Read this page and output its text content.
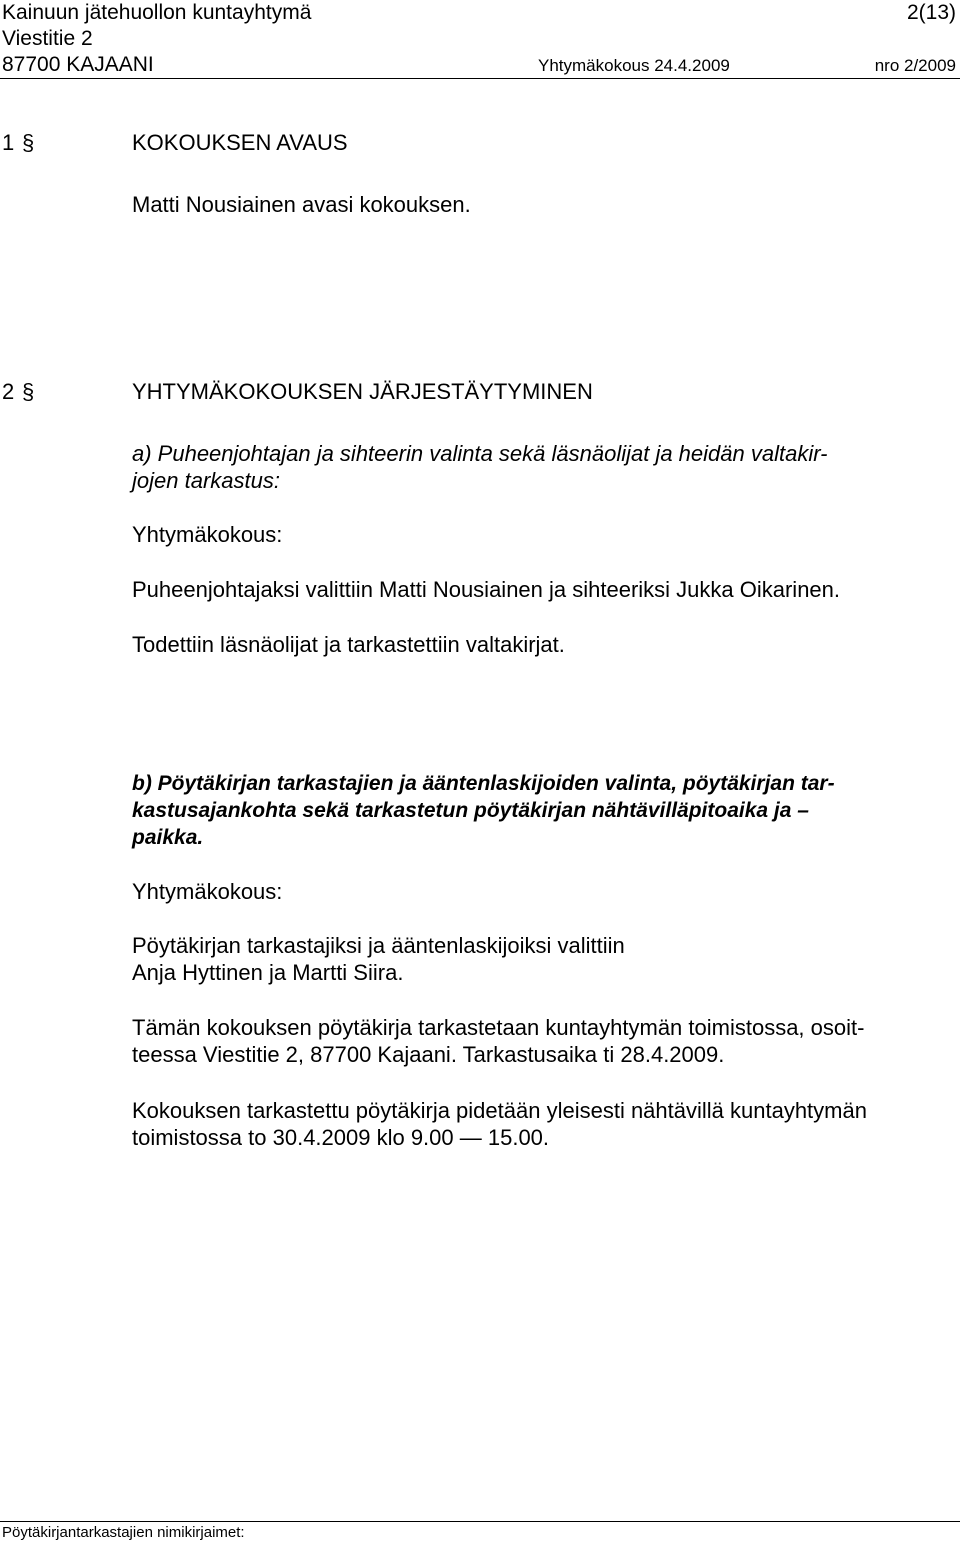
Kainuun jätehuollon kuntayhtymä	2(13)
Viestitie 2
87700 KAJAANI	Yhtymäkokous 24.4.2009	nro 2/2009
1 §	KOKOUKSEN AVAUS
Matti Nousiainen avasi kokouksen.
2 §	YHTYMÄKOKOUKSEN JÄRJESTÄYTYMINEN
a) Puheenjohtajan ja sihteerin valinta sekä läsnäolijat ja heidän valtakir-
jojen tarkastus:
Yhtymäkokous:
Puheenjohtajaksi valittiin Matti Nousiainen ja sihteeriksi Jukka Oikarinen.
Todettiin läsnäolijat ja tarkastettiin valtakirjat.
b) Pöytäkirjan tarkastajien ja ääntenlaskijoiden valinta, pöytäkirjan tar-
kastusajankohta sekä tarkastetun pöytäkirjan nähtävilläpitoaika ja –
paikka.
Yhtymäkokous:
Pöytäkirjan tarkastajiksi ja ääntenlaskijoiksi valittiin
Anja Hyttinen ja Martti Siira.
Tämän kokouksen pöytäkirja tarkastetaan kuntayhtymän toimistossa, osoit-
teessa Viestitie 2, 87700 Kajaani. Tarkastusaika ti 28.4.2009.
Kokouksen tarkastettu pöytäkirja pidetään yleisesti nähtävillä kuntayhtymän
toimistossa to 30.4.2009 klo 9.00 — 15.00.
Pöytäkirjantarkastajien nimikirjaimet:
